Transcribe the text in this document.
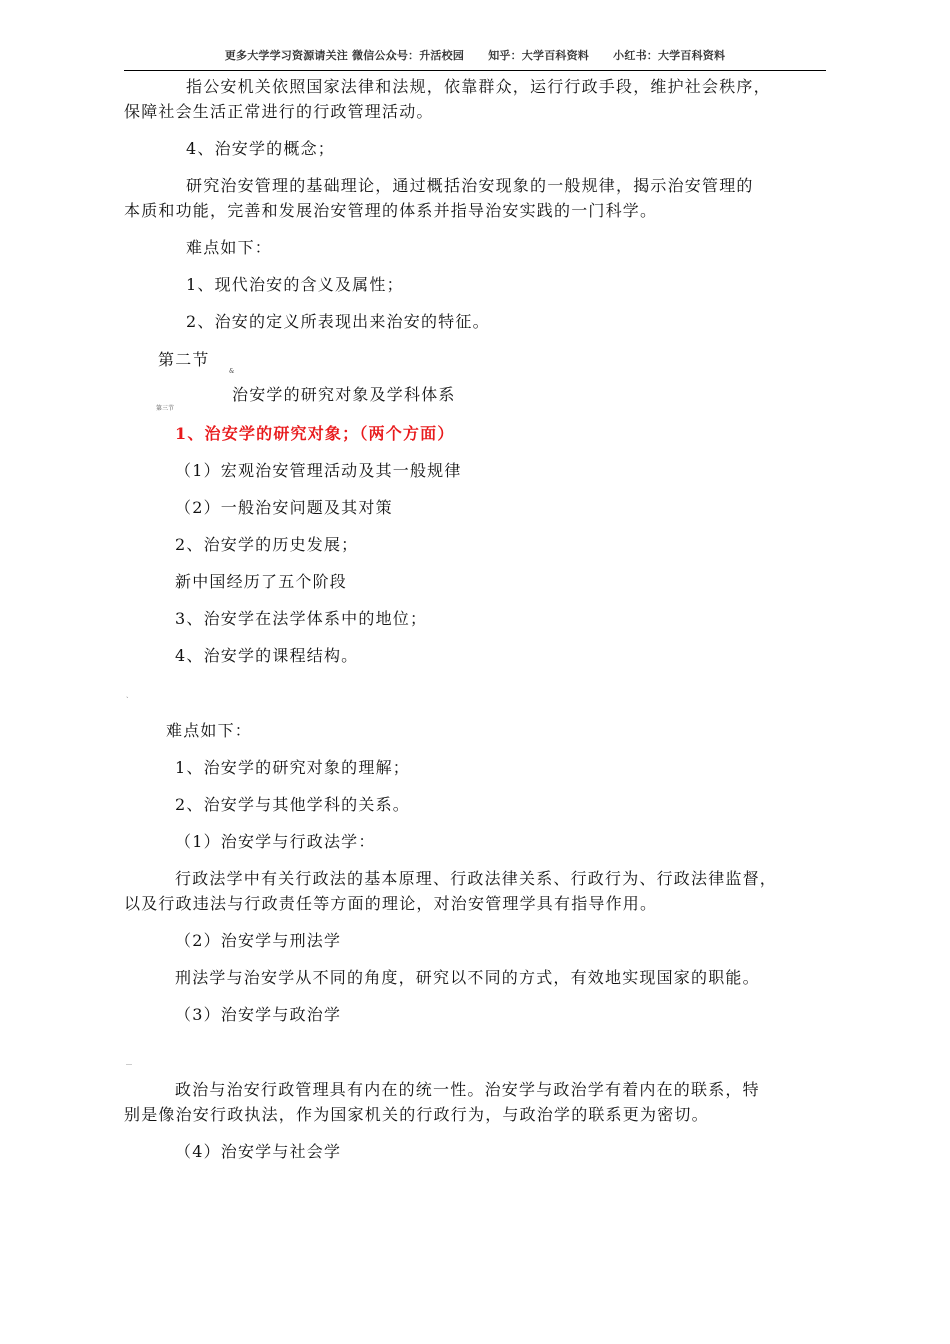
更多大学学习资源请关注 微信公众号：升活校园      知乎：大学百科资料      小红书：大学百科资料
指公安机关依照国家法律和法规，依靠群众，运行行政手段，维护社会秩序，
保障社会生活正常进行的行政管理活动。
4、治安学的概念；
研究治安管理的基础理论，通过概括治安现象的一般规律，揭示治安管理的
本质和功能，完善和发展治安管理的体系并指导治安实践的一门科学。
难点如下：
1、现代治安的含义及属性；
2、治安的定义所表现出来治安的特征。
第二节
&
治安学的研究对象及学科体系
第三节
1、治安学的研究对象；（两个方面）
（1）宏观治安管理活动及其一般规律
（2）一般治安问题及其对策
2、治安学的历史发展；
新中国经历了五个阶段
3、治安学在法学体系中的地位；
4、治安学的课程结构。
`
难点如下：
1、治安学的研究对象的理解；
2、治安学与其他学科的关系。
（1）治安学与行政法学：
行政法学中有关行政法的基本原理、行政法律关系、行政行为、行政法律监督，
以及行政违法与行政责任等方面的理论，对治安管理学具有指导作用。
（2）治安学与刑法学
刑法学与治安学从不同的角度，研究以不同的方式，有效地实现国家的职能。
（3）治安学与政治学
…
政治与治安行政管理具有内在的统一性。治安学与政治学有着内在的联系，特
别是像治安行政执法，作为国家机关的行政行为，与政治学的联系更为密切。
（4）治安学与社会学
